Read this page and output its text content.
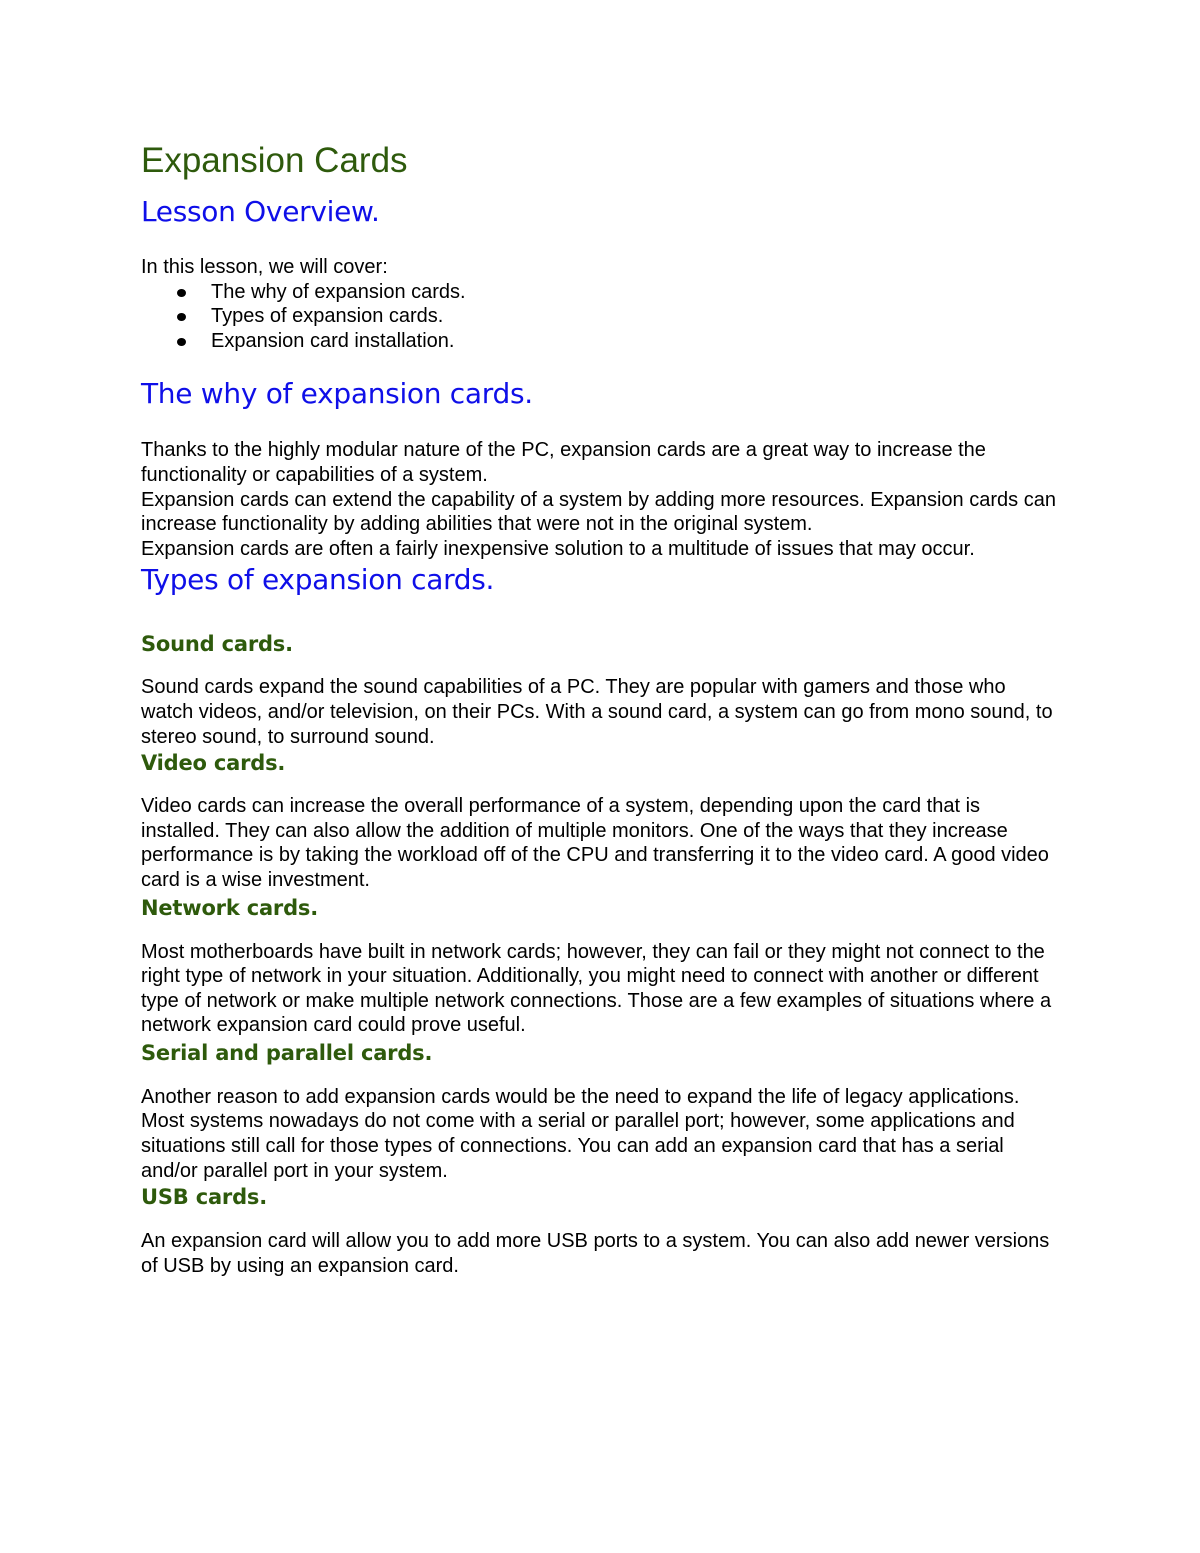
Expansion Cards
Lesson Overview.

In this lesson, we will cover:

The why of expansion cards.
Types of expansion cards.
Expansion card installation.
The why of expansion cards.

Thanks to the highly modular nature of the PC, expansion cards are a great way to increase the functionality or capabilities of a system.

Expansion cards can extend the capability of a system by adding more resources. Expansion cards can increase functionality by adding abilities that were not in the original system.

Expansion cards are often a fairly inexpensive solution to a multitude of issues that may occur.

Types of expansion cards.
Sound cards.

Sound cards expand the sound capabilities of a PC. They are popular with gamers and those who watch videos, and/or television, on their PCs. With a sound card, a system can go from mono sound, to stereo sound, to surround sound.

Video cards.

Video cards can increase the overall performance of a system, depending upon the card that is installed. They can also allow the addition of multiple monitors. One of the ways that they increase performance is by taking the workload off of the CPU and transferring it to the video card. A good video card is a wise investment.

Network cards.

Most motherboards have built in network cards; however, they can fail or they might not connect to the right type of network in your situation. Additionally, you might need to connect with another or different type of network or make multiple network connections. Those are a few examples of situations where a network expansion card could prove useful.

Serial and parallel cards.

Another reason to add expansion cards would be the need to expand the life of legacy applications. Most systems nowadays do not come with a serial or parallel port; however, some applications and situations still call for those types of connections. You can add an expansion card that has a serial and/or parallel port in your system.

USB cards.

An expansion card will allow you to add more USB ports to a system. You can also add newer versions of USB by using an expansion card.
